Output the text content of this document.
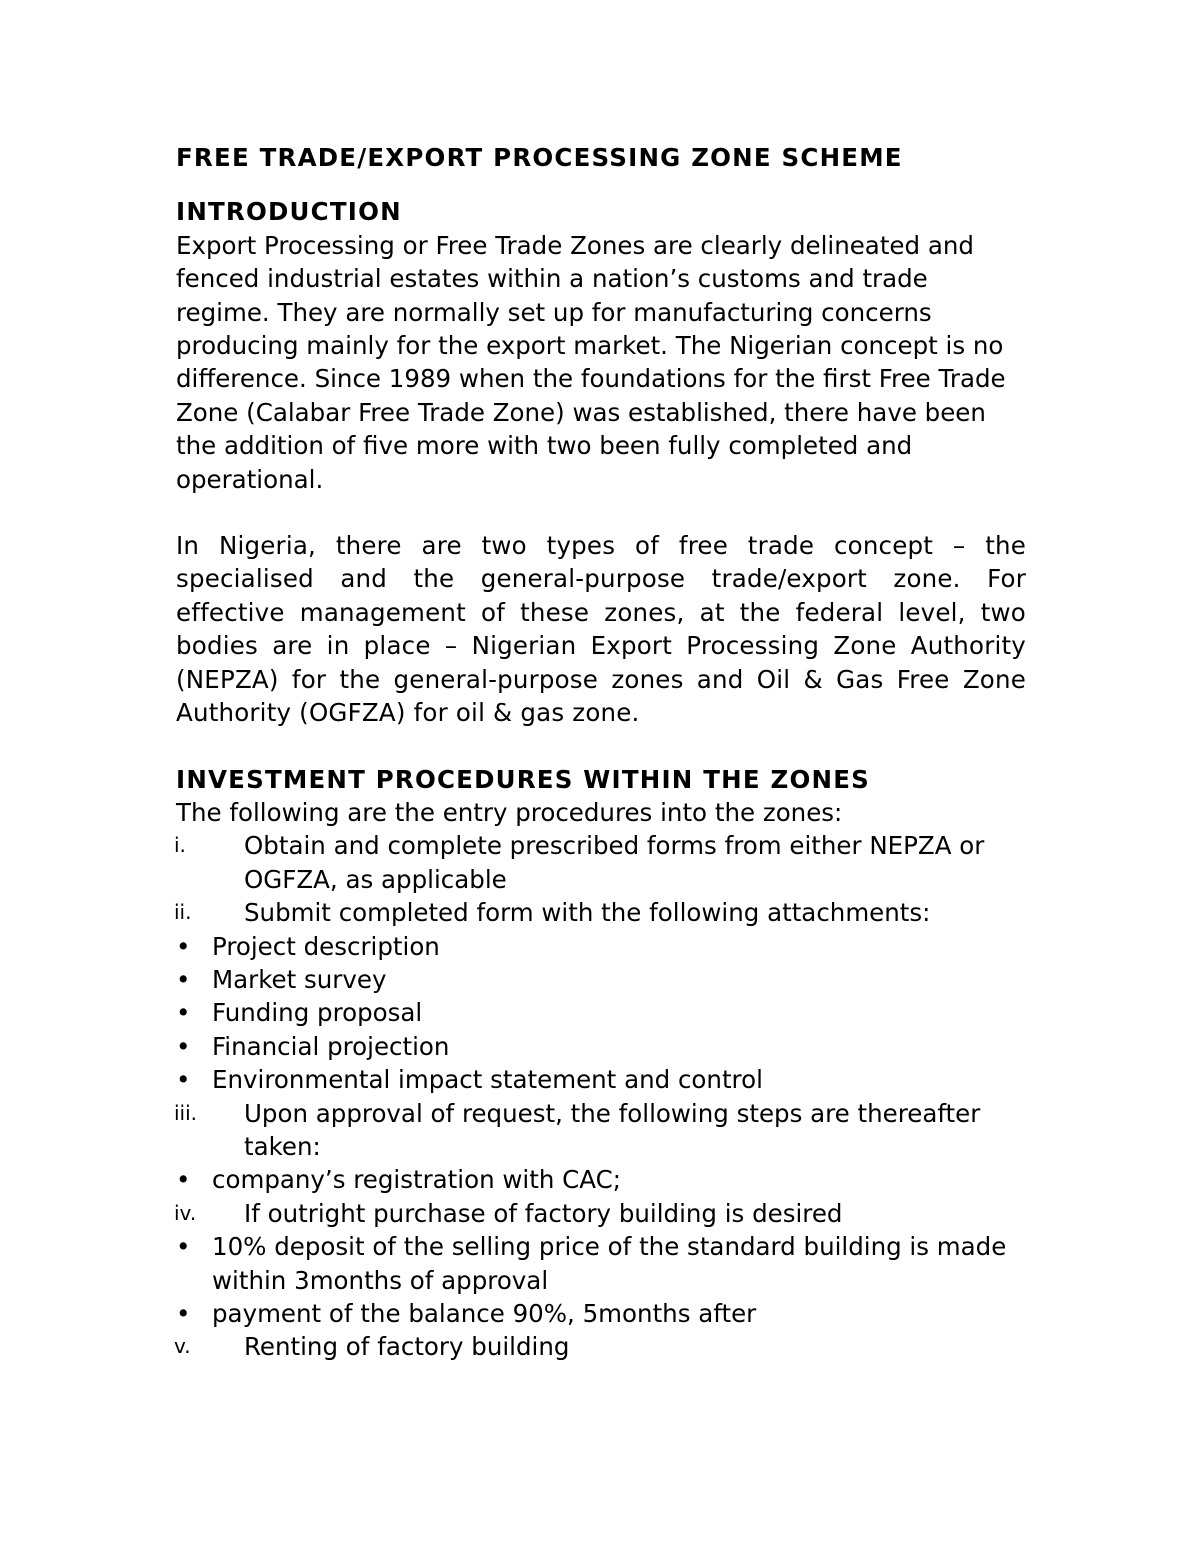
FREE TRADE/EXPORT PROCESSING ZONE SCHEME
INTRODUCTION

Export Processing or Free Trade Zones are clearly delineated and fenced industrial estates within a nation’s customs and trade regime. They are normally set up for manufacturing concerns producing mainly for the export market. The Nigerian concept is no difference. Since 1989 when the foundations for the first Free Trade Zone (Calabar Free Trade Zone) was established, there have been the addition of five more with two been fully completed and operational.

In Nigeria, there are two types of free trade concept – the specialised and the general-purpose trade/export zone. For effective management of these zones, at the federal level, two bodies are in place – Nigerian Export Processing Zone Authority (NEPZA) for the general-purpose zones and Oil & Gas Free Zone Authority (OGFZA) for oil & gas zone.

INVESTMENT PROCEDURES WITHIN THE ZONES

The following are the entry procedures into the zones:

i.	Obtain and complete prescribed forms from either NEPZA or OGFZA, as applicable
ii.	Submit completed form with the following attachments:
• Project description
• Market survey
• Funding proposal
• Financial projection
• Environmental impact statement and control
iii.	Upon approval of request, the following steps are thereafter taken:
• company’s registration with CAC;
iv.	If outright purchase of factory building is desired
• 10% deposit of the selling price of the standard building is made within 3months of approval
• payment of the balance 90%, 5months after
v.	Renting of factory building
